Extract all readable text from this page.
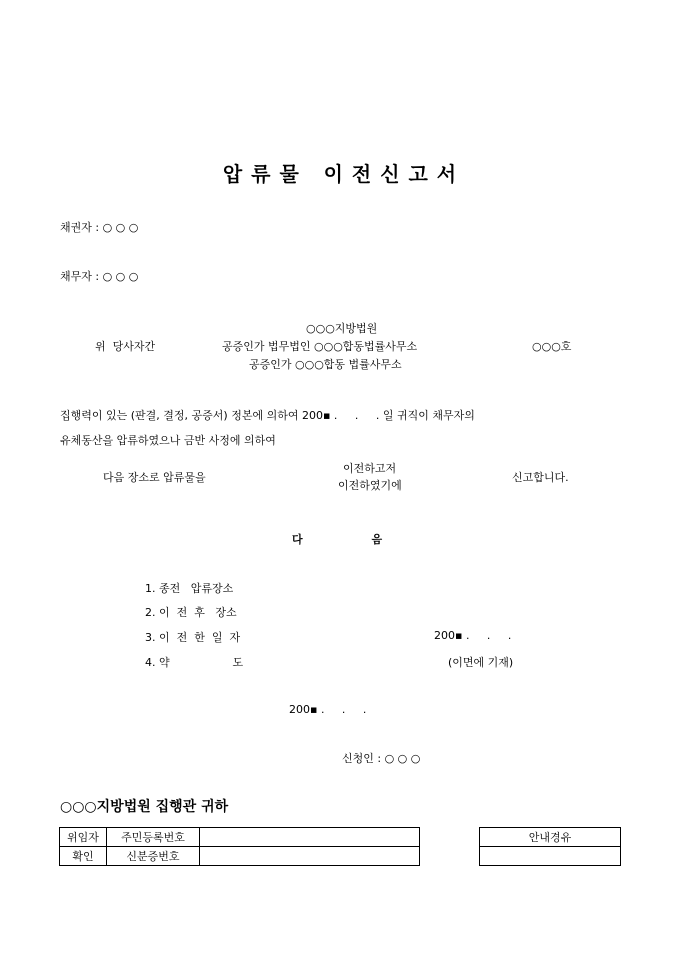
압 류 물   이 전 신 고 서
채권자 : ○ ○ ○
채무자 : ○ ○ ○
○○○지방법원
위  당사자간	공증인가 법무법인 ○○○합동법률사무소	○○○호
공증인가 ○○○합동 법률사무소
집행력이 있는 (판결, 결정, 공증서) 정본에 의하여 200▪ .     .     . 일 귀직이 채무자의
유체동산을 압류하였으나 금반 사정에 의하여
다음 장소로 압류물을
이전하고저
이전하였기에
신고합니다.
다                  음
1. 종전   압류장소
2. 이  전  후   장소
3. 이  전  한  일  자	200▪ .     .     .
4. 약                  도	(이면에 기재)
200▪ .     .     .
신청인 : ○ ○ ○
○○○지방법원 집행관 귀하
위임자	주민등록번호	
확인	신분증번호	
안내경유
